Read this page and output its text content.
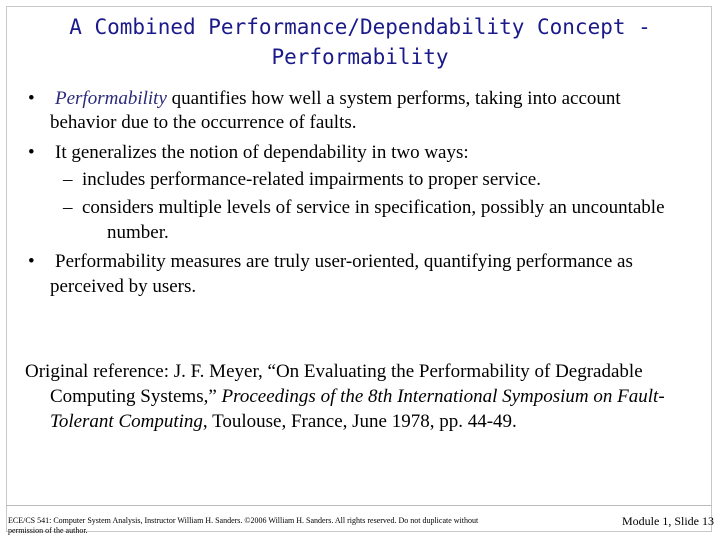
A Combined Performance/Dependability Concept -
Performability
• Performability quantifies how well a system performs, taking into account
behavior due to the occurrence of faults.
• It generalizes the notion of dependability in two ways:
– includes performance-related impairments to proper service.
– considers multiple levels of service in specification, possibly an uncountable
number.
• Performability measures are truly user-oriented, quantifying performance as
perceived by users.
Original reference: J. F. Meyer, “On Evaluating the Performability of Degradable
Computing Systems,” Proceedings of the 8th International Symposium on Fault-
Tolerant Computing, Toulouse, France, June 1978, pp. 44-49.
ECE/CS 541: Computer System Analysis, Instructor William H. Sanders. ©2006 William H. Sanders. All rights reserved. Do not duplicate without
permission of the author.
Module 1, Slide 13
